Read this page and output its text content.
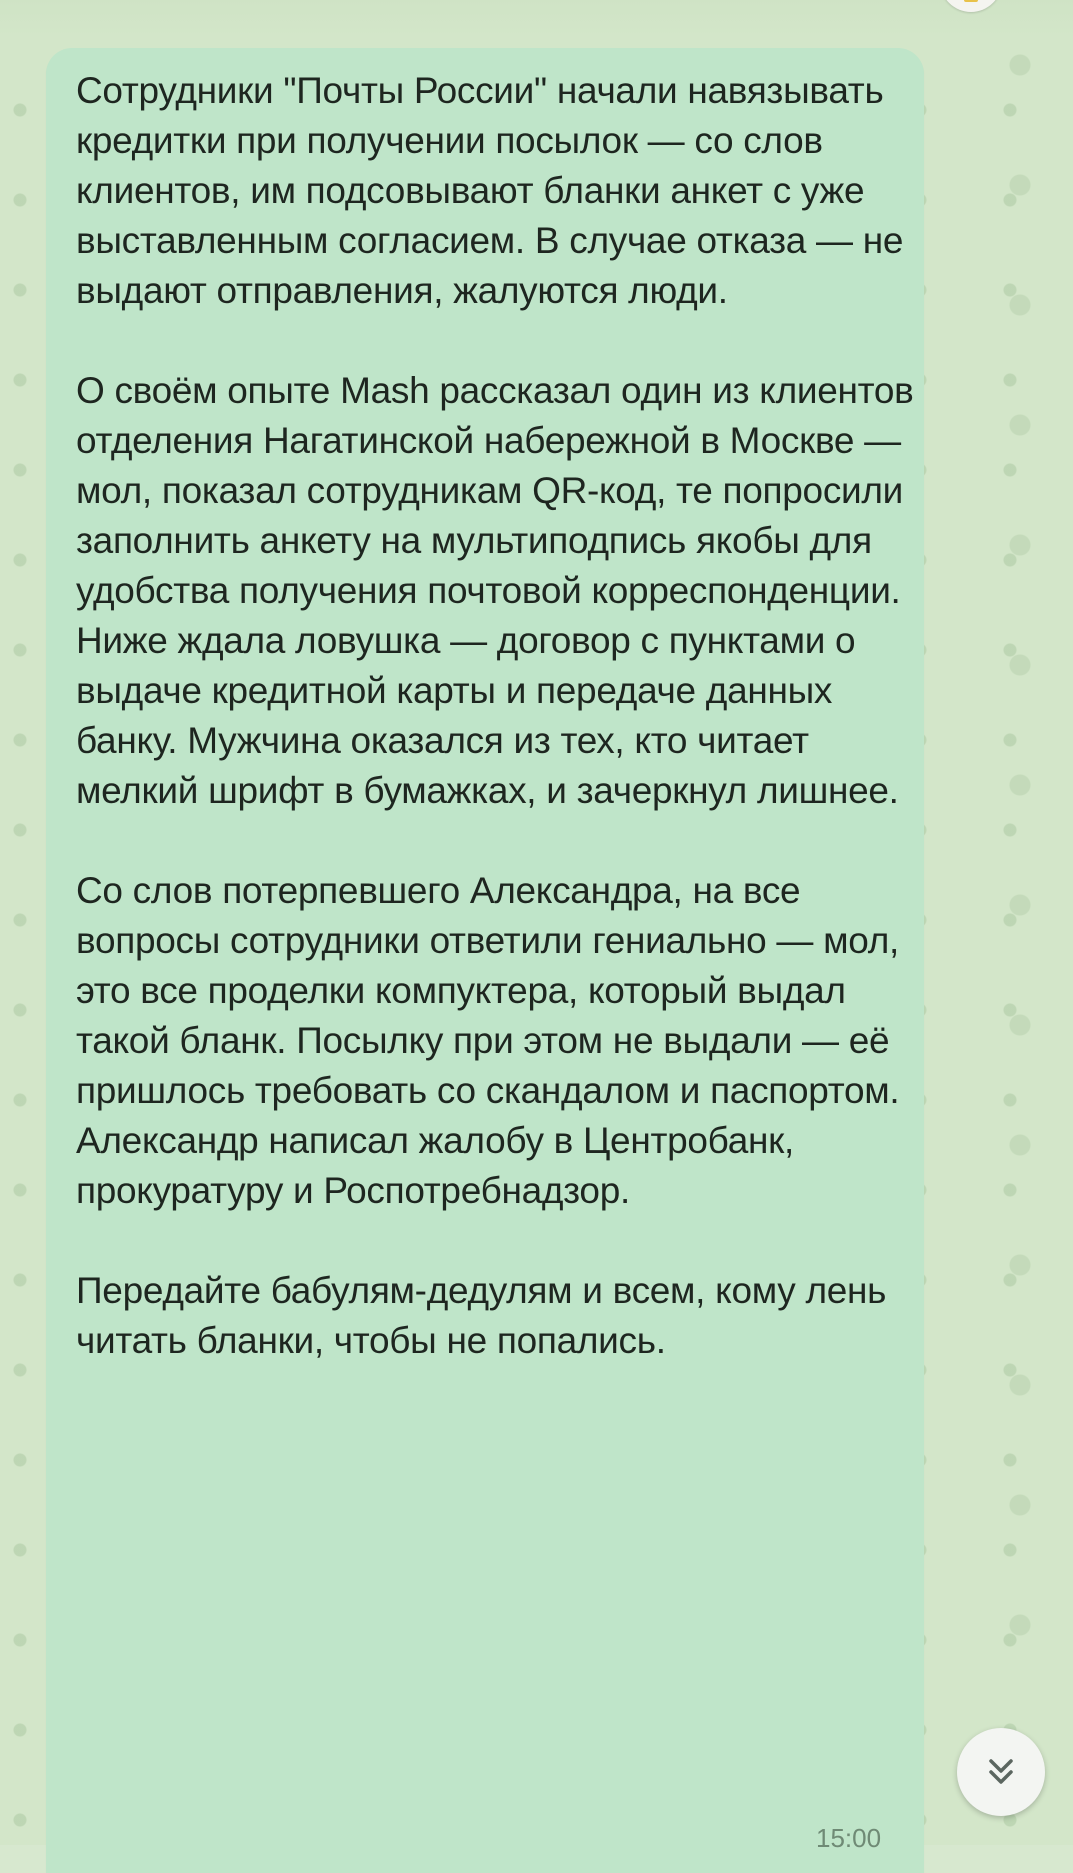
Сотрудники "Почты России" начали навязывать кредитки при получении посылок — со слов клиентов, им подсовывают бланки анкет с уже выставленным согласием. В случае отказа — не выдают отправления, жалуются люди.

О своём опыте Mash рассказал один из клиентов отделения Нагатинской набережной в Москве — мол, показал сотрудникам QR-код, те попросили заполнить анкету на мультиподпись якобы для удобства получения почтовой корреспонденции. Ниже ждала ловушка — договор с пунктами о выдаче кредитной карты и передаче данных банку. Мужчина оказался из тех, кто читает мелкий шрифт в бумажках, и зачеркнул лишнее.

Со слов потерпевшего Александра, на все вопросы сотрудники ответили гениально — мол, это все проделки компуктера, который выдал такой бланк. Посылку при этом не выдали — её пришлось требовать со скандалом и паспортом. Александр написал жалобу в Центробанк, прокуратуру и Роспотребнадзор.

Передайте бабулям-дедулям и всем, кому лень читать бланки, чтобы не попались.

15:00
